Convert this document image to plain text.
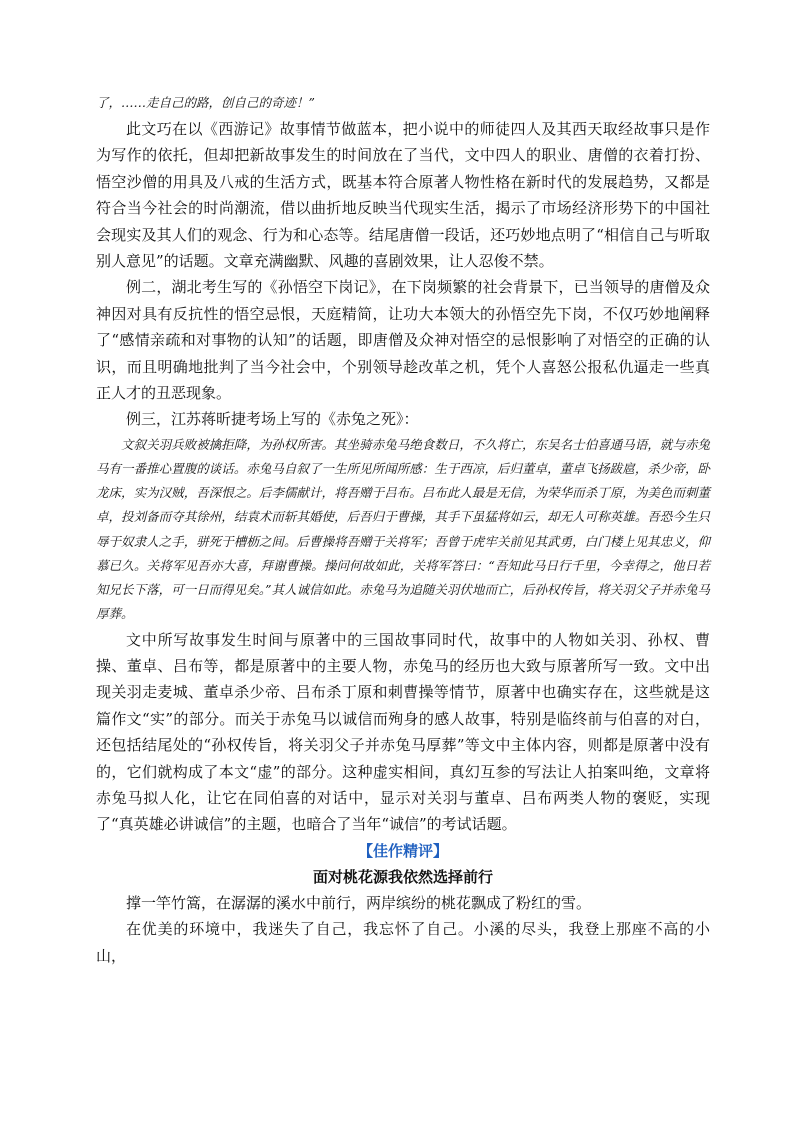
了，……走自己的路，创自己的奇迹！”

此文巧在以《西游记》故事情节做蓝本，把小说中的师徒四人及其西天取经故事只是作为写作的依托，但却把新故事发生的时间放在了当代，文中四人的职业、唐僧的衣着打扮、悟空沙僧的用具及八戒的生活方式，既基本符合原著人物性格在新时代的发展趋势，又都是符合当今社会的时尚潮流，借以曲折地反映当代现实生活，揭示了市场经济形势下的中国社会现实及其人们的观念、行为和心态等。结尾唐僧一段话，还巧妙地点明了“相信自己与听取别人意见”的话题。文章充满幽默、风趣的喜剧效果，让人忍俊不禁。

例二，湖北考生写的《孙悟空下岗记》，在下岗频繁的社会背景下，已当领导的唐僧及众神因对具有反抗性的悟空忌恨，天庭精简，让功大本领大的孙悟空先下岗，不仅巧妙地阐释了“感情亲疏和对事物的认知”的话题，即唐僧及众神对悟空的忌恨影响了对悟空的正确的认识，而且明确地批判了当今社会中，个别领导趁改革之机，凭个人喜怒公报私仇逼走一些真正人才的丑恶现象。

例三，江苏蒋昕捷考场上写的《赤兔之死》：

文叙关羽兵败被擒拒降，为孙权所害。其坐骑赤兔马绝食数日，不久将亡，东吴名士伯喜通马语，就与赤兔马有一番推心置腹的谈话。赤兔马自叙了一生所见所闻所感：生于西凉，后归董卓，董卓飞扬跋扈，杀少帝，卧龙床，实为汉贼，吾深恨之。后李儒献计，将吾赠于吕布。吕布此人最是无信，为荣华而杀丁原，为美色而刺董卓，投刘备而夺其徐州，结袁术而斩其婚使，后吾归于曹操，其手下虽猛将如云，却无人可称英雄。吾恐今生只辱于奴隶人之手，骈死于槽枥之间。后曹操将吾赠于关将军；吾曾于虎牢关前见其武勇，白门楼上见其忠义，仰慕已久。关将军见吾亦大喜，拜谢曹操。操问何故如此，关将军答曰：“吾知此马日行千里，今幸得之，他日若知兄长下落，可一日而得见矣。”其人诚信如此。赤兔马为追随关羽伏地而亡，后孙权传旨，将关羽父子并赤兔马厚葬。

文中所写故事发生时间与原著中的三国故事同时代，故事中的人物如关羽、孙权、曹操、董卓、吕布等，都是原著中的主要人物，赤兔马的经历也大致与原著所写一致。文中出现关羽走麦城、董卓杀少帝、吕布杀丁原和刺曹操等情节，原著中也确实存在，这些就是这篇作文“实”的部分。而关于赤兔马以诚信而殉身的感人故事，特别是临终前与伯喜的对白，还包括结尾处的“孙权传旨，将关羽父子并赤兔马厚葬”等文中主体内容，则都是原著中没有的，它们就构成了本文“虚”的部分。这种虚实相间，真幻互参的写法让人拍案叫绝，文章将赤兔马拟人化，让它在同伯喜的对话中，显示对关羽与董卓、吕布两类人物的褒贬，实现了“真英雄必讲诚信”的主题，也暗合了当年“诚信”的考试话题。

【佳作精评】

面对桃花源我依然选择前行

撑一竿竹篙，在潺潺的溪水中前行，两岸缤纷的桃花飘成了粉红的雪。

在优美的环境中，我迷失了自己，我忘怀了自己。小溪的尽头，我登上那座不高的小山，
